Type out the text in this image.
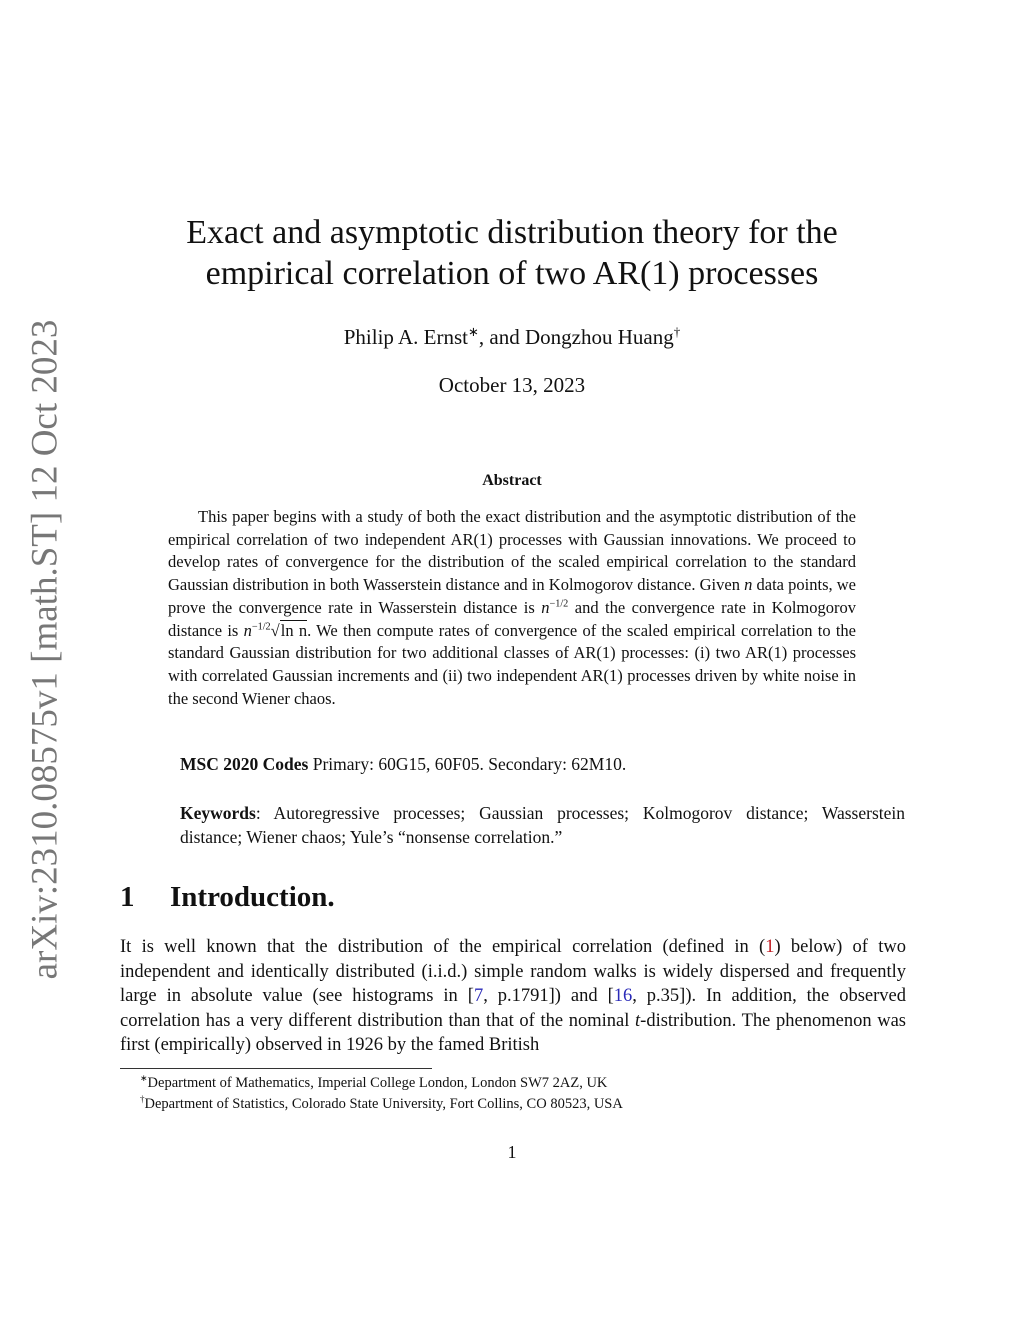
arXiv:2310.08575v1 [math.ST] 12 Oct 2023
Exact and asymptotic distribution theory for the
empirical correlation of two AR(1) processes
Philip A. Ernst∗, and Dongzhou Huang†
October 13, 2023
Abstract

This paper begins with a study of both the exact distribution and the asymptotic distribution of the empirical correlation of two independent AR(1) processes with Gaussian innovations. We proceed to develop rates of convergence for the distribution of the scaled empirical correlation to the standard Gaussian distribution in both Wasserstein distance and in Kolmogorov distance. Given n data points, we prove the convergence rate in Wasserstein distance is $n^{-1/2}$ and the convergence rate in Kolmogorov distance is $n^{-1/2}√\ln$ n. We then compute rates of convergence of the scaled empirical correlation to the standard Gaussian distribution for two additional classes of AR(1) processes: (i) two AR(1) processes with correlated Gaussian increments and (ii) two independent AR(1) processes driven by white noise in the second Wiener chaos.

MSC 2020 Codes Primary: 60G15, 60F05. Secondary: 62M10.

Keywords: Autoregressive processes; Gaussian processes; Kolmogorov distance; Wasserstein distance; Wiener chaos; Yule’s “nonsense correlation.”

1 Introduction.

It is well known that the distribution of the empirical correlation (defined in (1) below) of two independent and identically distributed (i.i.d.) simple random walks is widely dispersed and frequently large in absolute value (see histograms in [7, p.1791]) and [16, p.35]). In addition, the observed correlation has a very different distribution than that of the nominal t-distribution. The phenomenon was first (empirically) observed in 1926 by the famed British

∗Department of Mathematics, Imperial College London, London SW7 2AZ, UK
†Department of Statistics, Colorado State University, Fort Collins, CO 80523, USA
1
